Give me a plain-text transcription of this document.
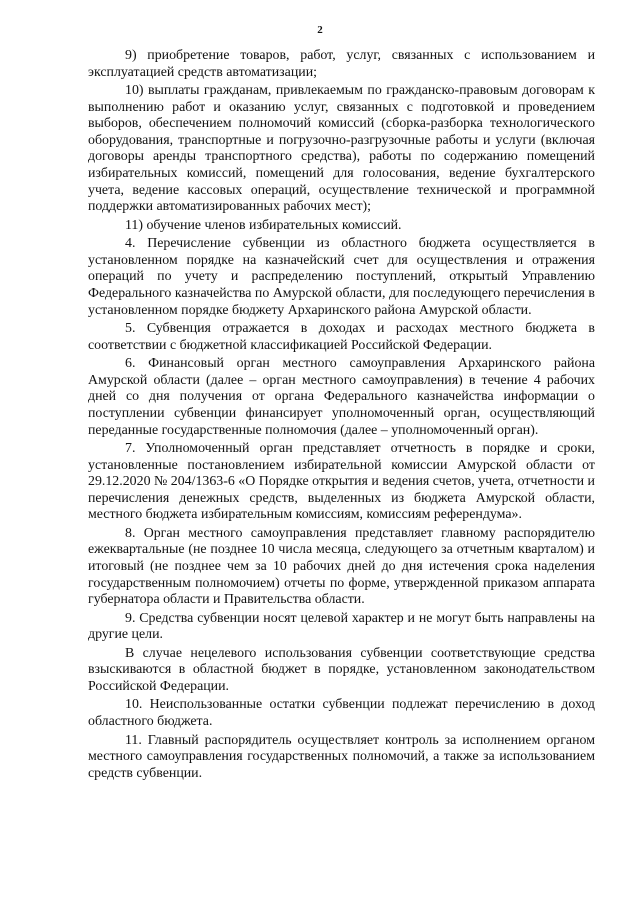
2

9) приобретение товаров, работ, услуг, связанных с использованием и эксплуатацией средств автоматизации;

10) выплаты гражданам, привлекаемым по гражданско-правовым договорам к выполнению работ и оказанию услуг, связанных с подготовкой и проведением выборов, обеспечением полномочий комиссий (сборка-разборка технологического оборудования, транспортные и погрузочно-разгрузочные работы и услуги (включая договоры аренды транспортного средства), работы по содержанию помещений избирательных комиссий, помещений для голосования, ведение бухгалтерского учета, ведение кассовых операций, осуществление технической и программной поддержки автоматизированных рабочих мест);

11) обучение членов избирательных комиссий.

4. Перечисление субвенции из областного бюджета осуществляется в установленном порядке на казначейский счет для осуществления и отражения операций по учету и распределению поступлений, открытый Управлению Федерального казначейства по Амурской области, для последующего перечисления в установленном порядке бюджету Архаринского района Амурской области.

5. Субвенция отражается в доходах и расходах местного бюджета в соответствии с бюджетной классификацией Российской Федерации.

6. Финансовый орган местного самоуправления Архаринского района Амурской области (далее – орган местного самоуправления) в течение 4 рабочих дней со дня получения от органа Федерального казначейства информации о поступлении субвенции финансирует уполномоченный орган, осуществляющий переданные государственные полномочия (далее – уполномоченный орган).

7. Уполномоченный орган представляет отчетность в порядке и сроки, установленные постановлением избирательной комиссии Амурской области от 29.12.2020 № 204/1363-6 «О Порядке открытия и ведения счетов, учета, отчетности и перечисления денежных средств, выделенных из бюджета Амурской области, местного бюджета избирательным комиссиям, комиссиям референдума».

8. Орган местного самоуправления представляет главному распорядителю ежеквартальные (не позднее 10 числа месяца, следующего за отчетным кварталом) и итоговый (не позднее чем за 10 рабочих дней до дня истечения срока наделения государственным полномочием) отчеты по форме, утвержденной приказом аппарата губернатора области и Правительства области.

9. Средства субвенции носят целевой характер и не могут быть направлены на другие цели.

В случае нецелевого использования субвенции соответствующие средства взыскиваются в областной бюджет в порядке, установленном законодательством Российской Федерации.

10. Неиспользованные остатки субвенции подлежат перечислению в доход областного бюджета.

11. Главный распорядитель осуществляет контроль за исполнением органом местного самоуправления государственных полномочий, а также за использованием средств субвенции.
